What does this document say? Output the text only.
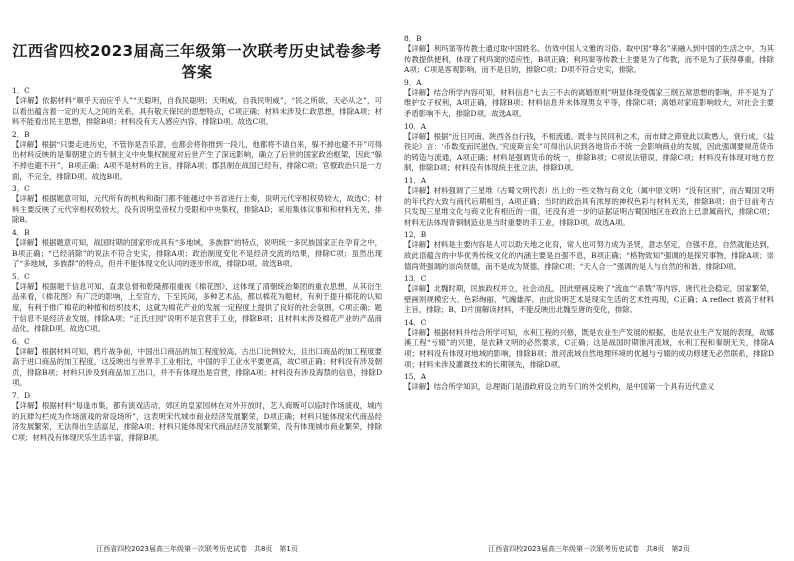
江西省四校2023届高三年级第一次联考历史试卷参考答案
1．C
【详解】依据材料“顺乎天而应乎人”“天聪明，自我民聪明；天明威，自我民明威”，“民之所欲，天必从之”，可以看出蕴含着一定的天人之间的关系，具有敬天保民的思想特点，C项正确；材料未涉及仁政思想，排除A项；材料不能看出民主思想，排除B项；材料没有天人感应内容，排除D项。故选C项。
2．B
【详解】根据“只要走进历史，不管你是否乐意，也都会将你推到一段儿，他都将不请自来，躲不掉也避不开”可得出材料反映的是秦朝建立的专制主义中央集权制度对后世产生了深远影响，确立了后世的国家政治框架，因此“躲不掉也避不开”，B项正确；A项不是材料的主旨，排除A项；郡县制在战国已经有，排除C项；官僚政治只是一方面，不完全，排除D项。故选B项。
3．C
【详解】根据题意可知，元代所有的机构和衙门都不能越过中书省进行上奏，说明元代宰相权势较大，故选C；材料主要反映了元代宰相权势较大，没有说明皇帝权力受限和中央集权，排除AD；采用集体议事和和材料无关，排除B。
4．B
【详解】根据题意可知，战国时期的国家形成具有“多地域，多族群”的特点，说明统一多民族国家正在孕育之中，B项正确；“已经消除”的说法不符合史实，排除A项；政治制度变化不是经济交流的结果，排除C项；虽然出现了“多地域，多族群”的特点，但并不能体现文化认同的逐步形成，排除D项。故选B项。
5．C
【详解】根据题干信息可知，直隶总督和乾隆都很重视《棉花图》，这体现了清朝统治集团的重农思想，从其衍生品来看，《棉花图》有广泛的影响，上至官方，下至民间，多种艺术品，都以棉花为题材，有利于提升棉花的认知度，有利于推广棉花的种植和纺织技术，这就为棉花产业的发展一定程度上提供了良好的社会氛围，C项正确；题干信息不是经济业发展，排除A项；“正氏庄园”说明不是官营手工业，排除B项；且材料未涉及棉花产业的产品商品化，排除D项。故选C项。
6．C
【详解】根据材料可知，鸦片战争前，中国出口商品的加工程度较高，古出口比例较大，且出口商品的加工程度要高于进口商品的加工程度，这反映出与世界手工业相比，中国的手工业水平要更高，故C项正确；材料没有涉及朝贡，排除B项；材料只涉及到商品加工出口，并不有体现出是官营，排除A项；材料没有涉及海禁的信息，排除D项。
7．D
【详解】根据材料“每逢市集，都有演戏活动，郊区的皇家园林在对外开放时，艺人商贩可以临时作场演戏，城内的瓦肆勾栏成为作场演戏的常设场所”，这表明宋代城市商业经济发展繁荣，D项正确；材料只能体现宋代商品经济发展繁荣，无法得出生活富足，排除A项；材料只能体现宋代商品经济发展繁荣，没有体现城市商业繁荣，排除C项；材料没有体现厌乐生活丰富，排除B项。
8．B
【详解】利玛窦等传教士通过取中国姓名、仿效中国人文雅的习俗、取中国“尊名”来融入到中国的生活之中，为其传教提供便利，体现了利玛窦的适应性，B项正确；利玛窦等传教士主要是为了传教，而不是为了获得尊重，排除A项；C项是客观影响，而不是目的，排除C项；D项不符合史实，排除。
9．A
【详解】结合所学内容可知，材料信息“七去三不去的离婚原则”明显体现受儒家三纲五常思想的影响，并不是为了维护女子权利，A项正确，排除B项；材料信息并未体现男女平等，排除C项；离婚对家庭影响较大，对社会主要矛盾影响不大，排除D项。故选A项。
10．A
【详解】根据“近日河南、陕西各自行钱，不相流通。既非与民同利之术，而市肆之滞衰此以欺愚人，衰行成。《盐铁论》言：‘币数变而民滋伪。’究庞斯言矣”可得出认识到各地货币不统一会影响商业的发展，因此强调要规范货币的铸造与流通，A项正确；材料是强调货币的统一，排除B项；C项说法错误，排除C项；材料没有体现对地方控制，排除D项；材料没有体现统主张立法，排除D项。
11．A
【详解】材料强调了三星堆（古蜀文明代表）出上的一些文物与商文化（属中原文明）“没有区别”，而古蜀国文明的年代约大致与商代后期相当，A项正确；当时的政治具有浓厚的神权色彩与材料无关，排除B项；由于目前考古只发现三星堆文化与商文化有相近的一面，还没有进一步的证据证明古蜀国地区在政治上已隶属商代，排除C项；材料无法体现青铜制造业是当时重要的手工业，排除D项。故选A项。
12．B
【详解】材料是主要内容是人可以助天地之化育，常人也可努力成为圣贤，意志坚定，自强不息，自然就能达到，故此语蕴含的中华优秀传统文化的内涵主要是自强不息，B项正确；“格物致知”强调的是探究事物，排除A项；崇德尚贤强调的崇尚贤德，而不是成为贤德，排除C项；“天人合一”强调的是人与自然的和谐，排除D项。
13．C
【详解】北魏时期，民族政权并立，社会动乱，因此壁画反映了“流血”“杀戮”等内容，唐代社会稳定，国家繁荣，壁画则规模宏大、色彩绚丽、气魄雄浑。由此说明艺术是现实生活的艺术性再现，C正确；A reflect 被高于材料主旨，排除；B、D片面解读材料，不能反映出北魏至唐的变化，排除。
14．C
【详解】根据材料并结合所学可知，水利工程的兴修，既是农业生产发展的根据，也是农业生产发展的表现，故娜溪工程“亏辍”的兴建，是农耕文明的必然要求，C正确；这是战国时期淮河流域，水利工程和秦朝无关，排除A项；材料没有体现对地域的影响，排除B项；淮河流域自然地理环境的优越与亏辍的成功修建无必然联系，排除D项；材料未涉及灌溉技术的长期领先，排除D项。
15．A
【详解】结合所学知识，总理衙门是清政府设立的专门的外交机构，是中国第一个具有近代意义
江西省四校2023届高三年级第一次联考历史试卷　共8页　第1页	江西省四校2023届高三年级第一次联考历史试卷　共8页　第2页
